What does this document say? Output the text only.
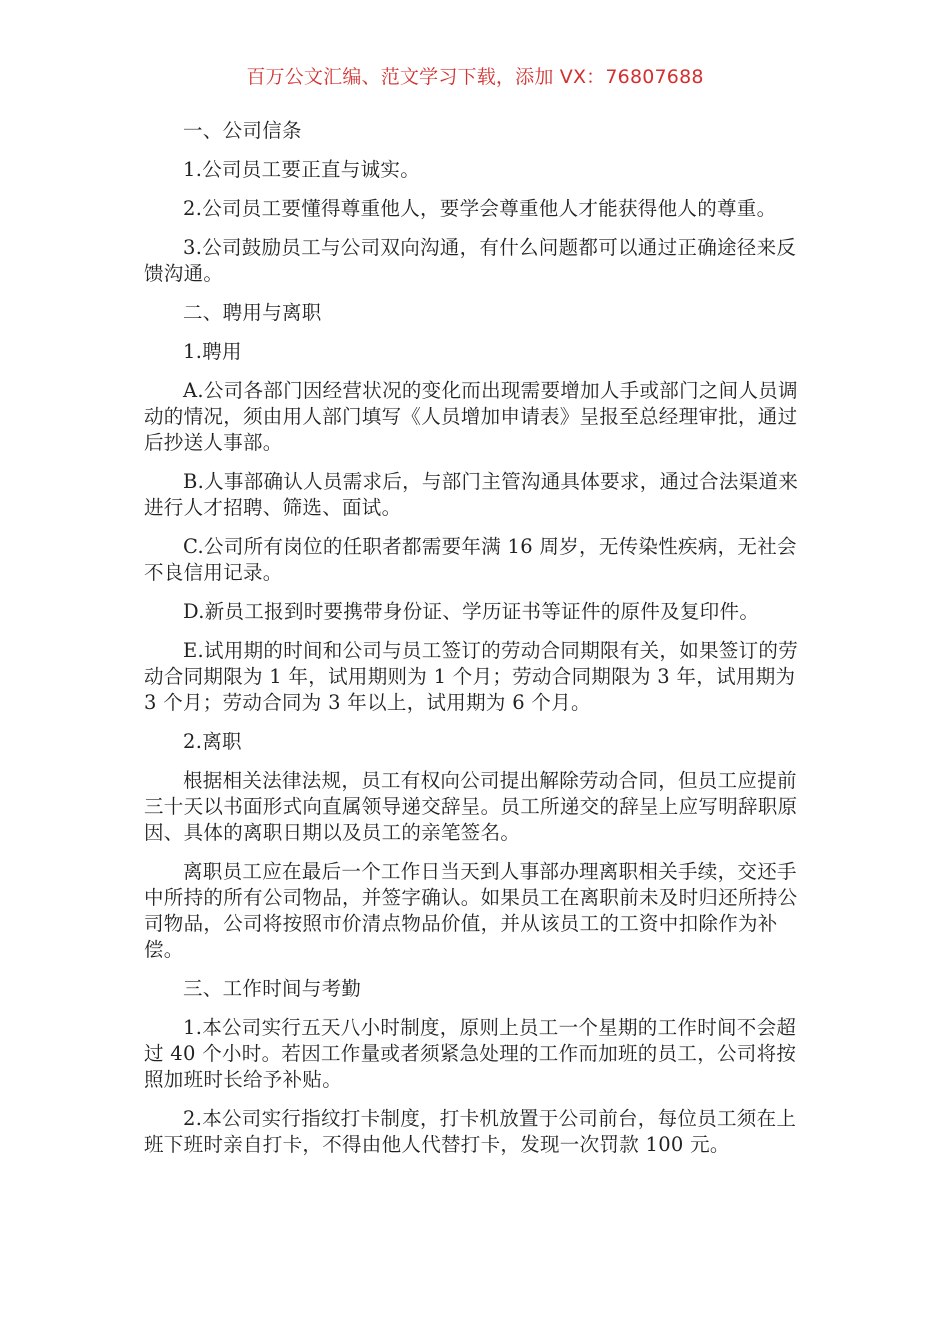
百万公文汇编、范文学习下载，添加 VX：76807688

一、公司信条

1.公司员工要正直与诚实。

2.公司员工要懂得尊重他人，要学会尊重他人才能获得他人的尊重。

3.公司鼓励员工与公司双向沟通，有什么问题都可以通过正确途径来反馈沟通。

二、聘用与离职

1.聘用

A.公司各部门因经营状况的变化而出现需要增加人手或部门之间人员调动的情况，须由用人部门填写《人员增加申请表》呈报至总经理审批，通过后抄送人事部。

B.人事部确认人员需求后，与部门主管沟通具体要求，通过合法渠道来进行人才招聘、筛选、面试。

C.公司所有岗位的任职者都需要年满 16 周岁，无传染性疾病，无社会不良信用记录。

D.新员工报到时要携带身份证、学历证书等证件的原件及复印件。

E.试用期的时间和公司与员工签订的劳动合同期限有关，如果签订的劳动合同期限为 1 年，试用期则为 1 个月；劳动合同期限为 3 年，试用期为 3 个月；劳动合同为 3 年以上，试用期为 6 个月。

2.离职

根据相关法律法规，员工有权向公司提出解除劳动合同，但员工应提前三十天以书面形式向直属领导递交辞呈。员工所递交的辞呈上应写明辞职原因、具体的离职日期以及员工的亲笔签名。

离职员工应在最后一个工作日当天到人事部办理离职相关手续，交还手中所持的所有公司物品，并签字确认。如果员工在离职前未及时归还所持公司物品，公司将按照市价清点物品价值，并从该员工的工资中扣除作为补偿。

三、工作时间与考勤

1.本公司实行五天八小时制度，原则上员工一个星期的工作时间不会超过 40 个小时。若因工作量或者须紧急处理的工作而加班的员工，公司将按照加班时长给予补贴。

2.本公司实行指纹打卡制度，打卡机放置于公司前台，每位员工须在上班下班时亲自打卡，不得由他人代替打卡，发现一次罚款 100 元。
